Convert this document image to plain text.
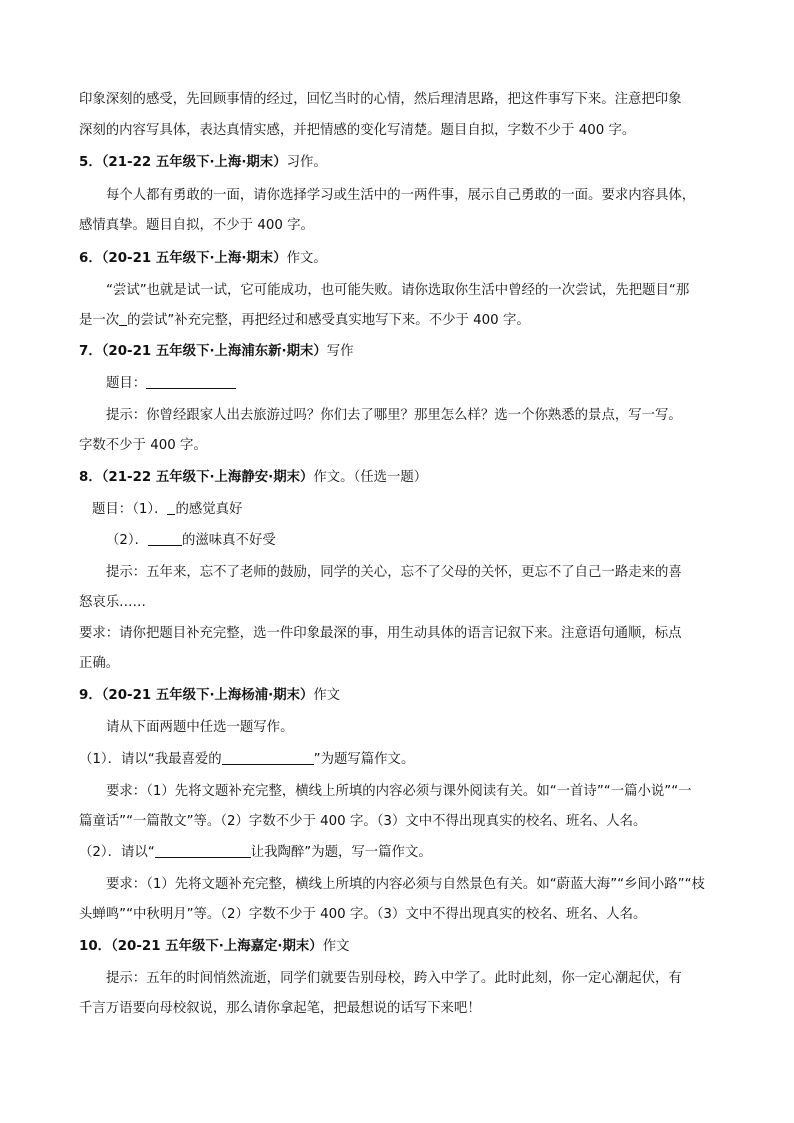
印象深刻的感受，先回顾事情的经过，回忆当时的心情，然后理清思路，把这件事写下来。注意把印象
深刻的内容写具体，表达真情实感，并把情感的变化写清楚。题目自拟，字数不少于 400 字。
5．（21-22 五年级下·上海·期末）习作。
每个人都有勇敢的一面，请你选择学习或生活中的一两件事，展示自己勇敢的一面。要求内容具体，
感情真挚。题目自拟，不少于 400 字。
6．（20-21 五年级下·上海·期末）作文。
“尝试”也就是试一试，它可能成功，也可能失败。请你选取你生活中曾经的一次尝试，先把题目“那
是一次 的尝试”补充完整，再把经过和感受真实地写下来。不少于 400 字。
7．（20-21 五年级下·上海浦东新·期末）写作
题目：
提示：你曾经跟家人出去旅游过吗？你们去了哪里？那里怎么样？选一个你熟悉的景点，写一写。
字数不少于 400 字。
8．（21-22 五年级下·上海静安·期末）作文。（任选一题）
题目：（1）． 的感觉真好
（2）．	的滋味真不好受
提示：五年来，忘不了老师的鼓励，同学的关心，忘不了父母的关怀，更忘不了自己一路走来的喜
怒哀乐……
要求：请你把题目补充完整，选一件印象最深的事，用生动具体的语言记叙下来。注意语句通顺，标点
正确。
9．（20-21 五年级下·上海杨浦·期末）作文
请从下面两题中任选一题写作。
（1）．请以“我最喜爱的	”为题写篇作文。
要求：（1）先将文题补充完整，横线上所填的内容必须与课外阅读有关。如“一首诗”“一篇小说”“一
篇童话”“一篇散文”等。（2）字数不少于 400 字。（3）文中不得出现真实的校名、班名、人名。
（2）．请以“	让我陶醉”为题，写一篇作文。
要求：（1）先将文题补充完整，横线上所填的内容必须与自然景色有关。如“蔚蓝大海”“乡间小路”“枝
头蝉鸣”“中秋明月”等。（2）字数不少于 400 字。（3）文中不得出现真实的校名、班名、人名。
10．（20-21 五年级下·上海嘉定·期末）作文
提示：五年的时间悄然流逝，同学们就要告别母校，跨入中学了。此时此刻，你一定心潮起伏，有
千言万语要向母校叙说，那么请你拿起笔，把最想说的话写下来吧！
